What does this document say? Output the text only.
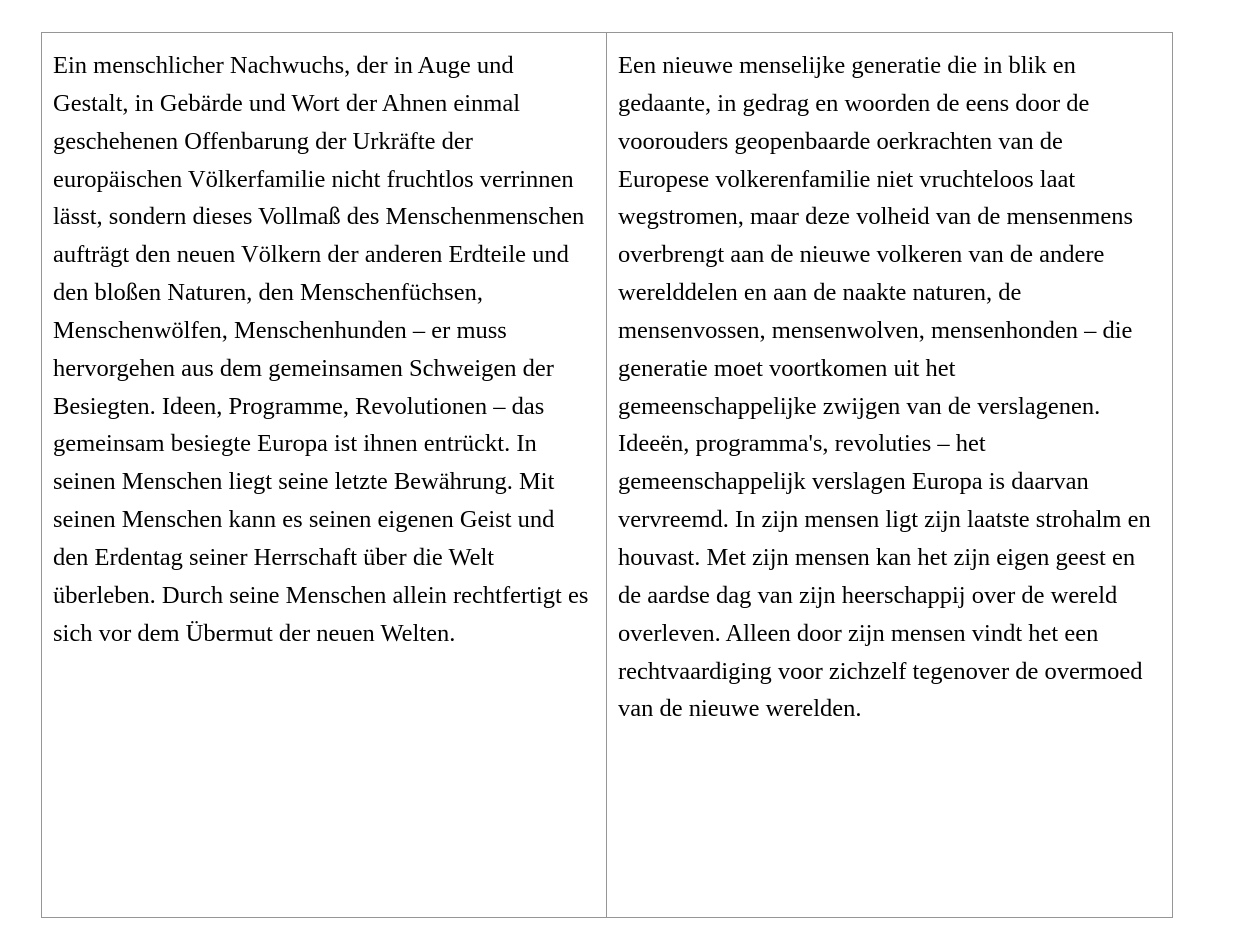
Ein menschlicher Nachwuchs, der in Auge und Gestalt, in Gebärde und Wort der Ahnen einmal geschehenen Offenbarung der Urkräfte der europäischen Völkerfamilie nicht fruchtlos verrinnen lässt, sondern dieses Vollmaß des Menschenmenschen aufträgt den neuen Völkern der anderen Erdteile und den bloßen Naturen, den Menschenfüchsen, Menschenwölfen, Menschenhunden – er muss hervorgehen aus dem gemeinsamen Schweigen der Besiegten. Ideen, Programme, Revolutionen – das gemeinsam besiegte Europa ist ihnen entrückt. In seinen Menschen liegt seine letzte Bewährung. Mit seinen Menschen kann es seinen eigenen Geist und den Erdentag seiner Herrschaft über die Welt überleben. Durch seine Menschen allein rechtfertigt es sich vor dem Übermut der neuen Welten.

Een nieuwe menselijke generatie die in blik en gedaante, in gedrag en woorden de eens door de voorouders geopenbaarde oerkrachten van de Europese volkerenfamilie niet vruchteloos laat wegstromen, maar deze volheid van de mensenmens overbrengt aan de nieuwe volkeren van de andere werelddelen en aan de naakte naturen, de mensenvossen, mensenwolven, mensenhonden – die generatie moet voortkomen uit het gemeenschappelijke zwijgen van de verslagenen. Ideeën, programma's, revoluties – het gemeenschappelijk verslagen Europa is daarvan vervreemd. In zijn mensen ligt zijn laatste strohalm en houvast. Met zijn mensen kan het zijn eigen geest en de aardse dag van zijn heerschappij over de wereld overleven. Alleen door zijn mensen vindt het een rechtvaardiging voor zichzelf tegenover de overmoed van de nieuwe werelden.
